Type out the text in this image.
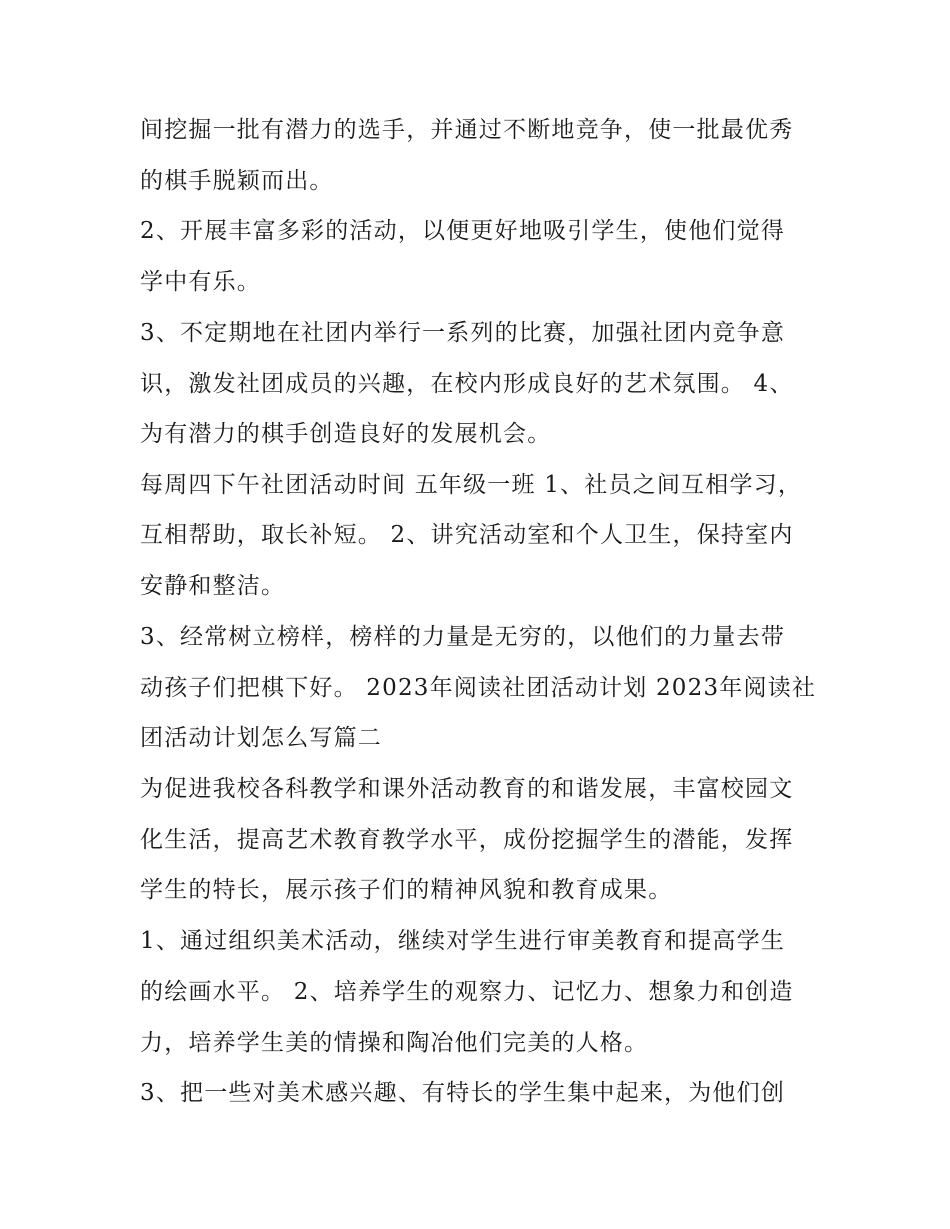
间挖掘一批有潜力的选手，并通过不断地竞争，使一批最优秀
的棋手脱颖而出。
2、开展丰富多彩的活动，以便更好地吸引学生，使他们觉得
学中有乐。
3、不定期地在社团内举行一系列的比赛，加强社团内竞争意
识，激发社团成员的兴趣，在校内形成良好的艺术氛围。 4、
为有潜力的棋手创造良好的发展机会。
每周四下午社团活动时间 五年级一班 1、社员之间互相学习，
互相帮助，取长补短。 2、讲究活动室和个人卫生，保持室内
安静和整洁。
3、经常树立榜样，榜样的力量是无穷的，以他们的力量去带
动孩子们把棋下好。 2023年阅读社团活动计划 2023年阅读社
团活动计划怎么写篇二
为促进我校各科教学和课外活动教育的和谐发展，丰富校园文
化生活，提高艺术教育教学水平，成份挖掘学生的潜能，发挥
学生的特长，展示孩子们的精神风貌和教育成果。
1、通过组织美术活动，继续对学生进行审美教育和提高学生
的绘画水平。 2、培养学生的观察力、记忆力、想象力和创造
力，培养学生美的情操和陶冶他们完美的人格。
3、把一些对美术感兴趣、有特长的学生集中起来，为他们创
